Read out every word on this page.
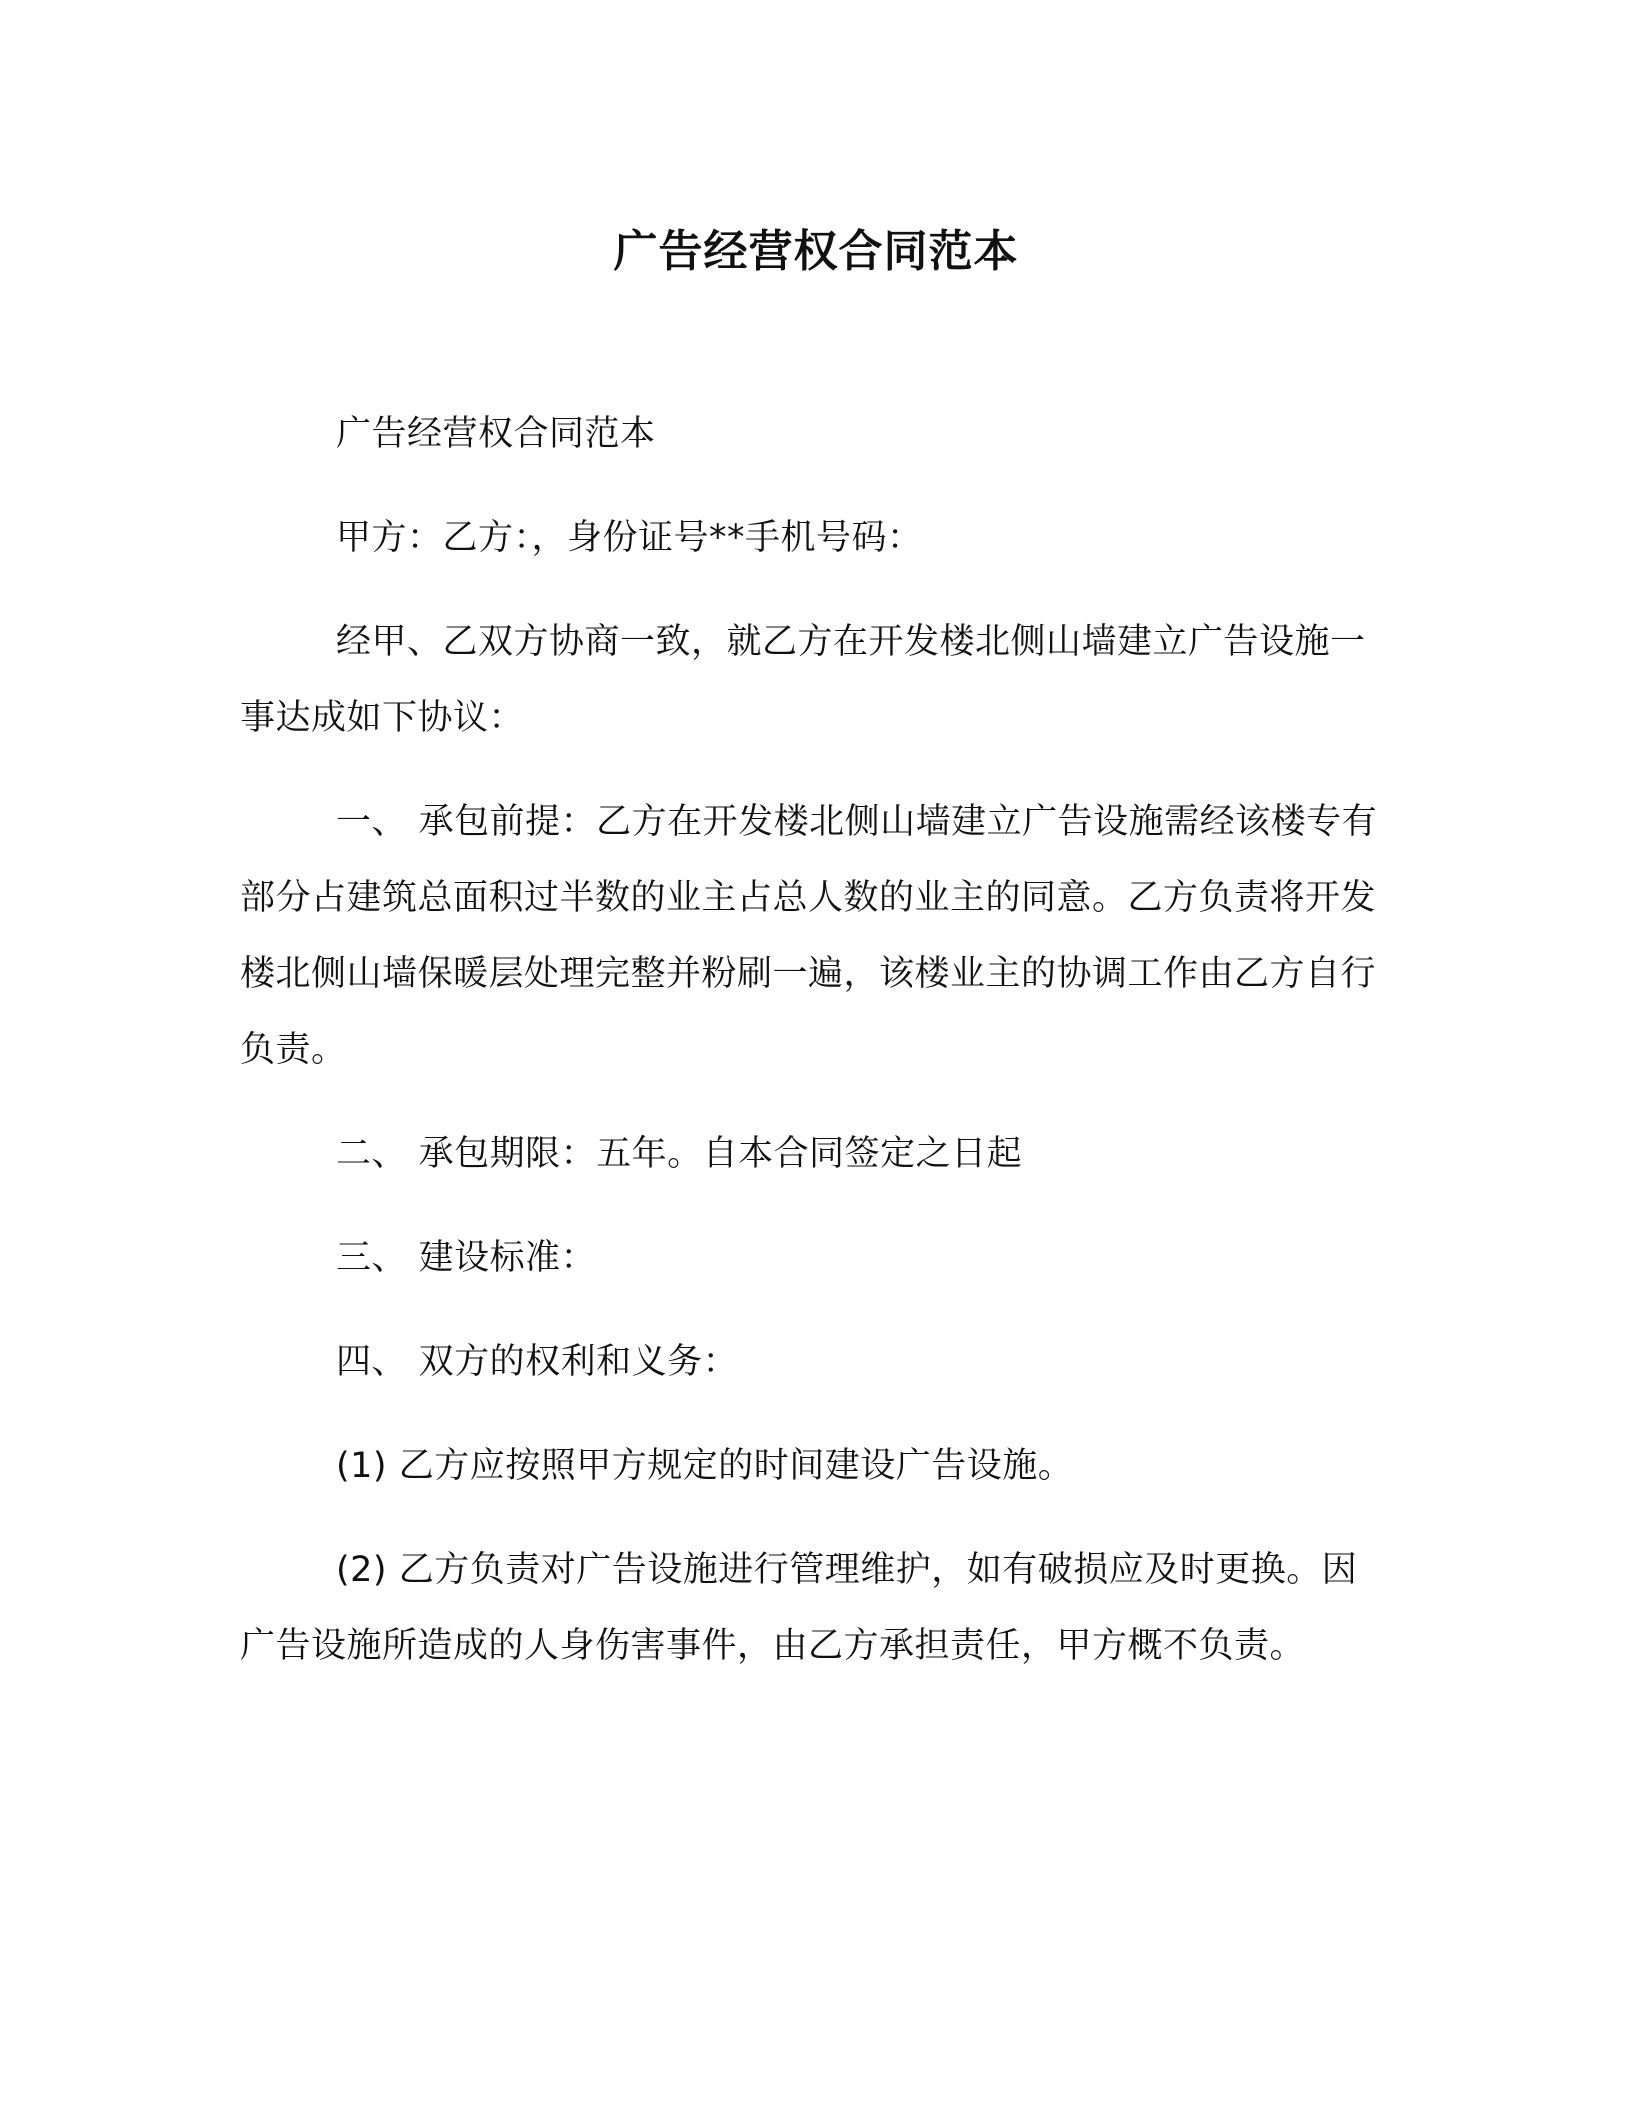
广告经营权合同范本

广告经营权合同范本

甲方：乙方：，身份证号**手机号码：

经甲、乙双方协商一致，就乙方在开发楼北侧山墙建立广告设施一事达成如下协议：

一、 承包前提：乙方在开发楼北侧山墙建立广告设施需经该楼专有部分占建筑总面积过半数的业主占总人数的业主的同意。乙方负责将开发楼北侧山墙保暖层处理完整并粉刷一遍，该楼业主的协调工作由乙方自行负责。

二、 承包期限：五年。自本合同签定之日起

三、 建设标准：

四、 双方的权利和义务：

(1) 乙方应按照甲方规定的时间建设广告设施。

(2) 乙方负责对广告设施进行管理维护，如有破损应及时更换。因广告设施所造成的人身伤害事件，由乙方承担责任，甲方概不负责。
